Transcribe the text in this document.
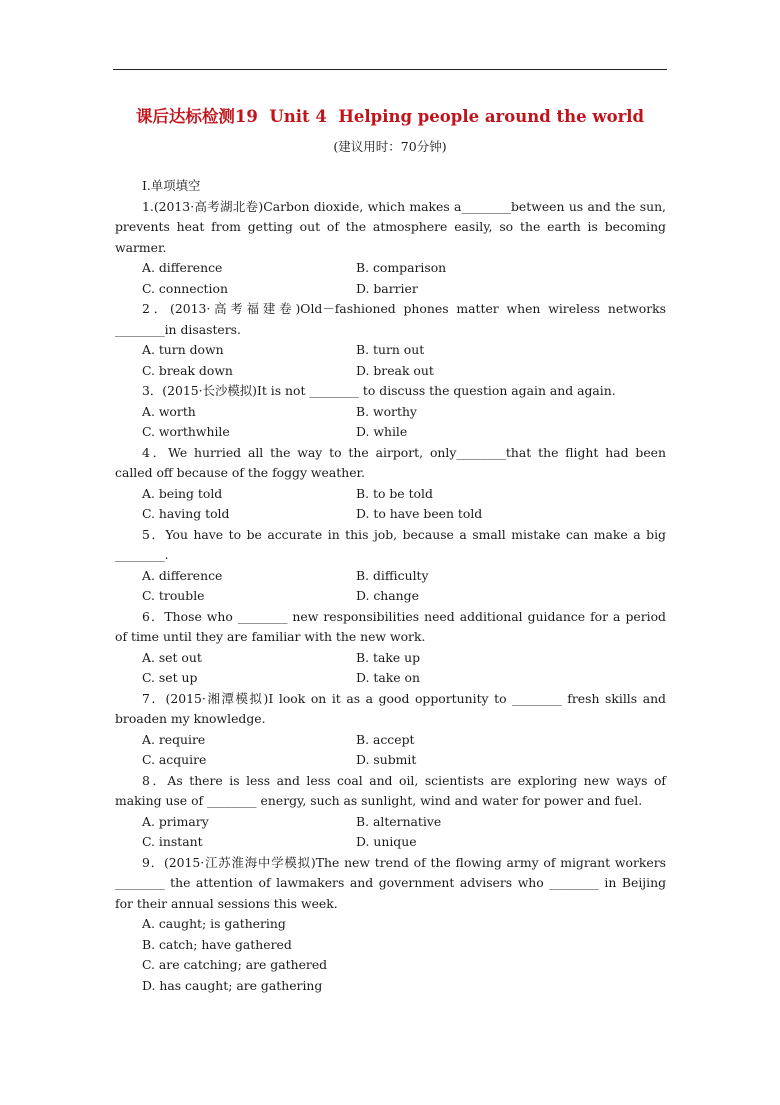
课后达标检测19  Unit 4  Helping people around the world
(建议用时：70分钟)
Ⅰ.单项填空
1.(2013·高考湖北卷)Carbon dioxide, which makes a________between us and the sun, prevents heat from getting out of the atmosphere easily, so the earth is becoming warmer.
A. difference	B. comparison
C. connection	D. barrier
2．(2013·高考福建卷)Old－fashioned phones matter when wireless networks ________in disasters.
A. turn down	B. turn out
C. break down	D. break out
3．(2015·长沙模拟)It is not ________ to discuss the question again and again.
A. worth	B. worthy
C. worthwhile	D. while
4．We hurried all the way to the airport, only________that the flight had been called off because of the foggy weather.
A. being told	B. to be told
C. having told	D. to have been told
5．You have to be accurate in this job, because a small mistake can make a big ________.
A. difference	B. difficulty
C. trouble	D. change
6．Those who ________ new responsibilities need additional guidance for a period of time until they are familiar with the new work.
A. set out	B. take up
C. set up	D. take on
7．(2015·湘潭模拟)I look on it as a good opportunity to ________ fresh skills and broaden my knowledge.
A. require	B. accept
C. acquire	D. submit
8．As there is less and less coal and oil, scientists are exploring new ways of making use of ________ energy, such as sunlight, wind and water for power and fuel.
A. primary	B. alternative
C. instant	D. unique
9．(2015·江苏淮海中学模拟)The new trend of the flowing army of migrant workers ________ the attention of lawmakers and government advisers who ________ in Beijing for their annual sessions this week.
A. caught; is gathering
B. catch; have gathered
C. are catching; are gathered
D. has caught; are gathering
